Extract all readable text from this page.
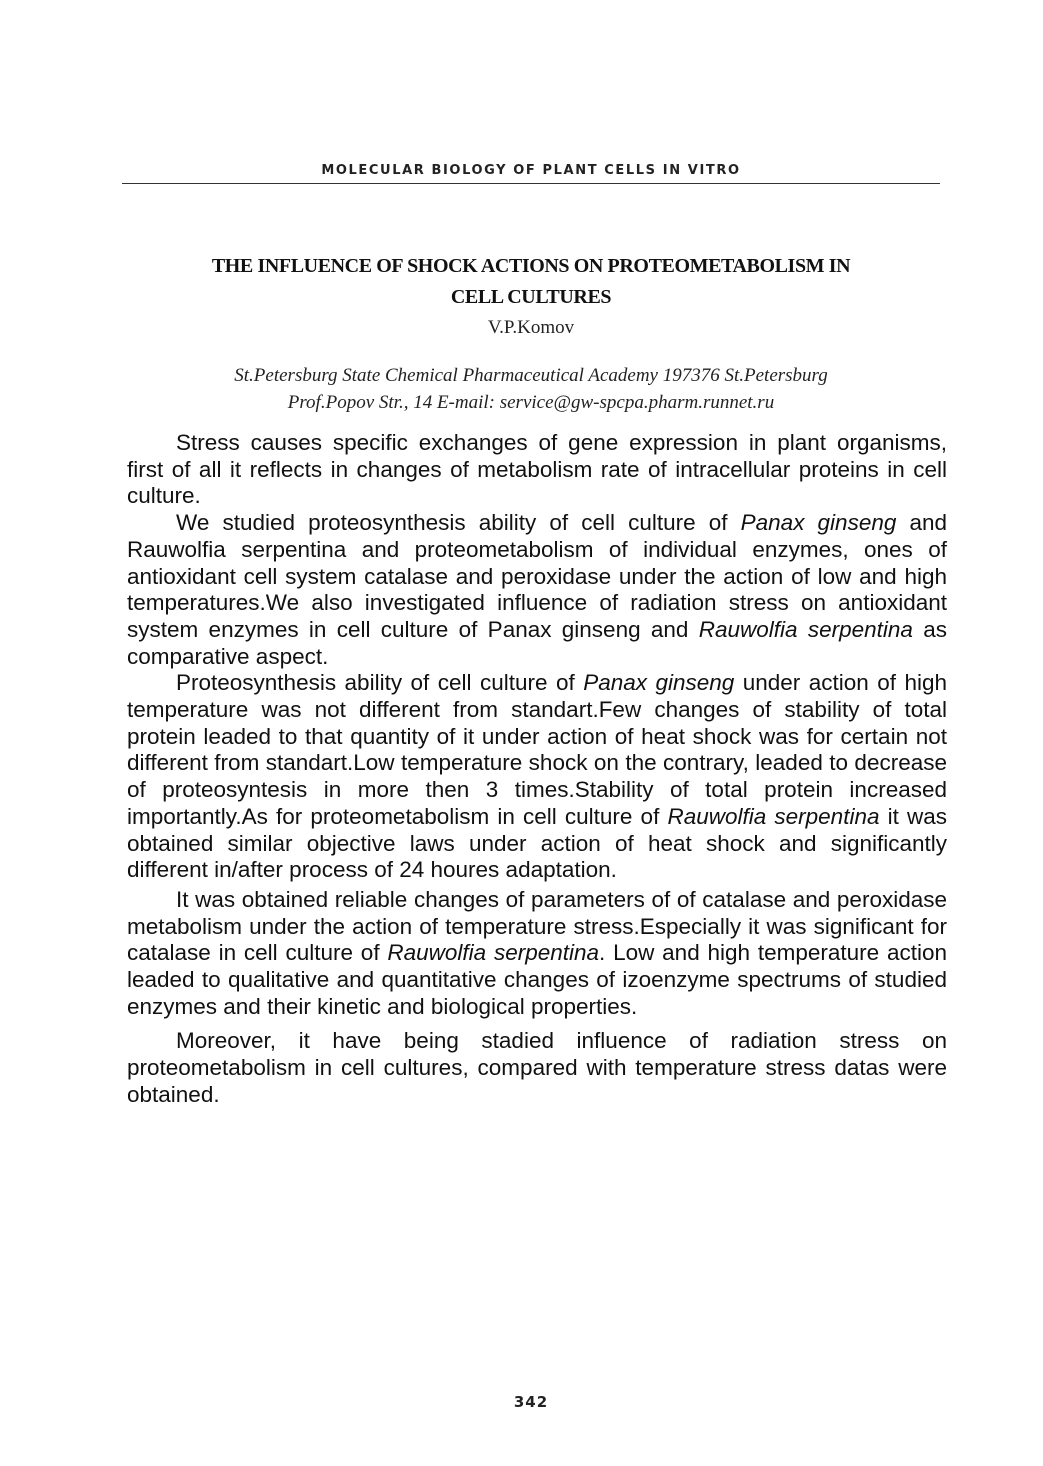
MOLECULAR BIOLOGY OF PLANT CELLS IN VITRO
THE INFLUENCE OF SHOCK ACTIONS ON PROTEOMETABOLISM IN
CELL CULTURES
V.P.Komov
St.Petersburg State Chemical Pharmaceutical Academy 197376 St.Petersburg
Prof.Popov Str., 14 E-mail: service@gw-spcpa.pharm.runnet.ru

Stress causes specific exchanges of gene expression in plant organisms, first of all it reflects in changes of metabolism rate of intracellular proteins in cell culture.

We studied proteosynthesis ability of cell culture of Panax ginseng and Rauwolfia serpentina and proteometabolism of individual enzymes, ones of antioxidant cell system catalase and peroxidase under the action of low and high temperatures.We also investigated influence of radiation stress on antioxidant system enzymes in cell culture of Panax ginseng and Rauwolfia serpentina as comparative aspect.

Proteosynthesis ability of cell culture of Panax ginseng under action of high temperature was not different from standart.Few changes of stability of total protein leaded to that quantity of it under action of heat shock was for certain not different from standart.Low temperature shock on the contrary, leaded to decrease of proteosyntesis in more then 3 times.Stability of total protein increased importantly.As for proteometabolism in cell culture of Rauwolfia serpentina it was obtained similar objective laws under action of heat shock and significantly different in/after process of 24 houres adaptation.

It was obtained reliable changes of parameters of of catalase and peroxidase metabolism under the action of temperature stress.Especially it was significant for catalase in cell culture of Rauwolfia serpentina. Low and high temperature action leaded to qualitative and quantitative changes of izoenzyme spectrums of studied enzymes and their kinetic and biological properties.

Moreover, it have being stadied influence of radiation stress on proteometabolism in cell cultures, compared with temperature stress datas were obtained.

342
